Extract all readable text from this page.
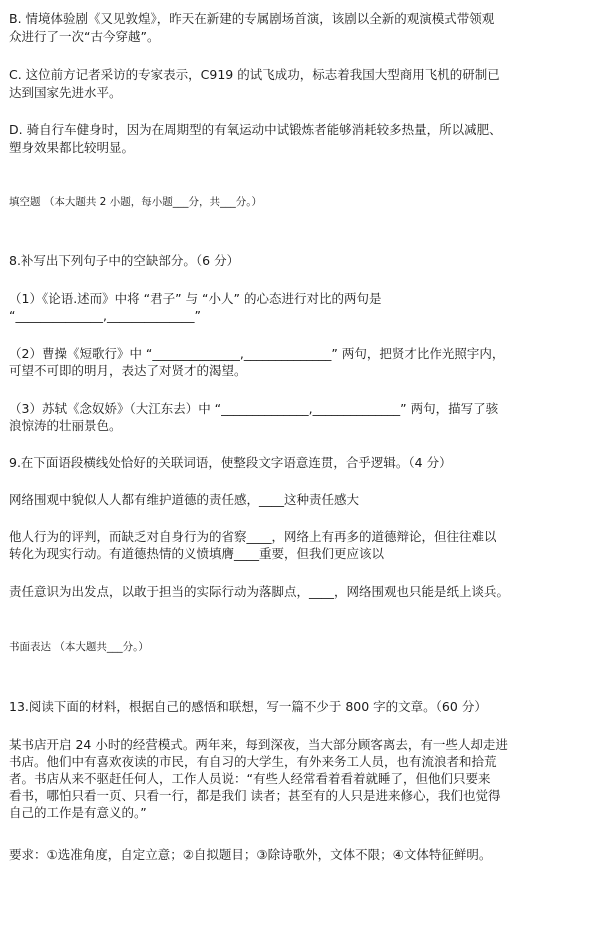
B. 情境体验剧《又见敦煌》，昨天在新建的专属剧场首演，该剧以全新的观演模式带领观
众进行了一次“古今穿越”。
C. 这位前方记者采访的专家表示，C919 的试飞成功，标志着我国大型商用飞机的研制已
达到国家先进水平。
D. 骑自行车健身时，因为在周期型的有氧运动中试锻炼者能够消耗较多热量，所以减肥、
塑身效果都比较明显。
填空题 （本大题共 2 小题，每小题___分，共___分。）
8.补写出下列句子中的空缺部分。（6 分）
（1）《论语.述而》中将 “君子” 与 “小人” 的心态进行对比的两句是
“______________,______________”
（2）曹操《短歌行》中 “______________,______________” 两句，把贤才比作光照宇内，
可望不可即的明月，表达了对贤才的渴望。
（3）苏轼《念奴娇》（大江东去）中 “______________,______________” 两句，描写了骇
浪惊涛的壮丽景色。
9.在下面语段横线处恰好的关联词语，使整段文字语意连贯，合乎逻辑。（4 分）
网络围观中貌似人人都有维护道德的责任感，____这种责任感大
他人行为的评判，而缺乏对自身行为的省察____，网络上有再多的道德辩论，但往往难以
转化为现实行动。有道德热情的义愤填膺____重要，但我们更应该以
责任意识为出发点，以敢于担当的实际行动为落脚点，____，网络围观也只能是纸上谈兵。
书面表达 （本大题共___分。）
13.阅读下面的材料，根据自己的感悟和联想，写一篇不少于 800 字的文章。（60 分）
某书店开启 24 小时的经营模式。两年来，每到深夜，当大部分顾客离去，有一些人却走进
书店。他们中有喜欢夜读的市民，有自习的大学生，有外来务工人员，也有流浪者和拾荒
者。书店从来不驱赶任何人，工作人员说：“有些人经常看着看着就睡了，但他们只要来
看书，哪怕只看一页、只看一行，都是我们 读者；甚至有的人只是进来修心，我们也觉得
自己的工作是有意义的。”
要求：①选准角度，自定立意；②自拟题目；③除诗歌外，文体不限；④文体特征鲜明。
